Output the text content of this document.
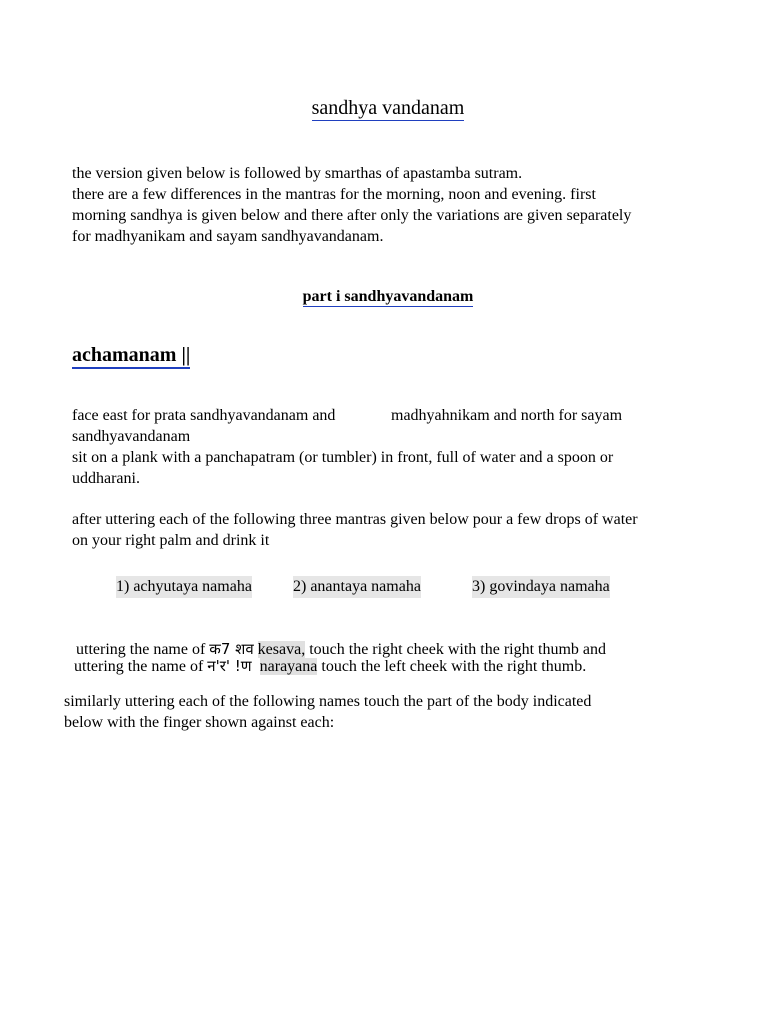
sandhya vandanam
the version given below is followed by smarthas of apastamba sutram.
there are a few differences in the mantras for the morning, noon and evening. first
morning sandhya is given below and there after only the variations are given separately
for madhyanikam and sayam sandhyavandanam.
part i sandhyavandanam
achamanam ||
face east for prata sandhyavandanam and	madhyahnikam and north for sayam
sandhyavandanam
sit on a plank with a panchapatram (or tumbler) in front, full of water and a spoon or
uddharani.
after uttering each of the following three mantras given below pour a few drops of water
on your right palm and drink it
1) achyutaya namaha	2) anantaya namaha	3) govindaya namaha
uttering the name of क7 शव kesava, touch the right cheek with the right thumb and
uttering the name of न'र' !ण narayana touch the left cheek with the right thumb.
similarly uttering each of the following names touch the part of the body indicated
below with the finger shown against each:
